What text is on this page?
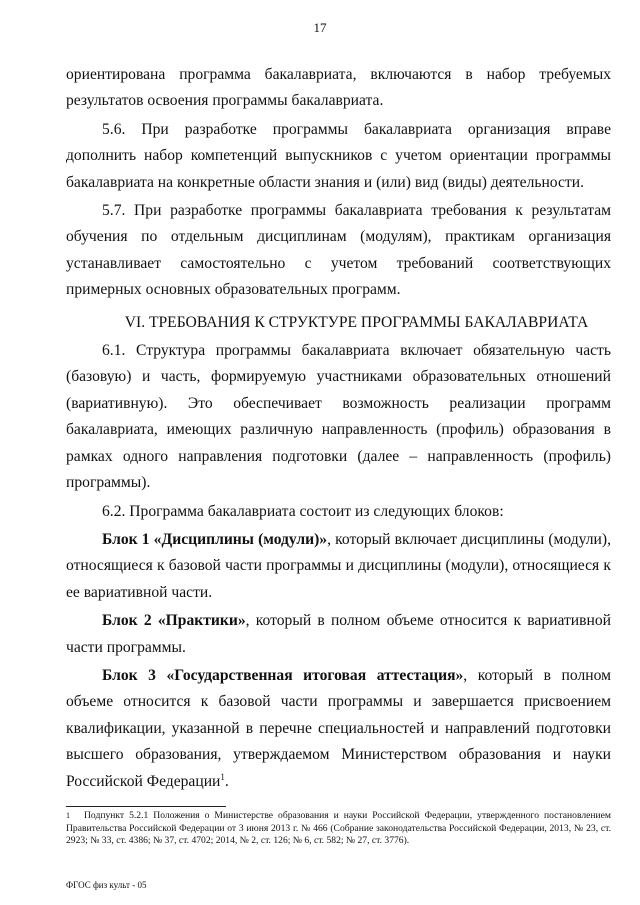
17

ориентирована программа бакалавриата, включаются в набор требуемых результатов освоения программы бакалавриата.

5.6. При разработке программы бакалавриата организация вправе дополнить набор компетенций выпускников с учетом ориентации программы бакалавриата на конкретные области знания и (или) вид (виды) деятельности.

5.7. При разработке программы бакалавриата требования к результатам обучения по отдельным дисциплинам (модулям), практикам организация устанавливает самостоятельно с учетом требований соответствующих примерных основных образовательных программ.

VI. ТРЕБОВАНИЯ К СТРУКТУРЕ ПРОГРАММЫ БАКАЛАВРИАТА

6.1. Структура программы бакалавриата включает обязательную часть (базовую) и часть, формируемую участниками образовательных отношений (вариативную). Это обеспечивает возможность реализации программ бакалавриата, имеющих различную направленность (профиль) образования в рамках одного направления подготовки (далее – направленность (профиль) программы).

6.2. Программа бакалавриата состоит из следующих блоков:

Блок 1 «Дисциплины (модули)», который включает дисциплины (модули), относящиеся к базовой части программы и дисциплины (модули), относящиеся к ее вариативной части.

Блок 2 «Практики», который в полном объеме относится к вариативной части программы.

Блок 3 «Государственная итоговая аттестация», который в полном объеме относится к базовой части программы и завершается присвоением квалификации, указанной в перечне специальностей и направлений подготовки высшего образования, утверждаемом Министерством образования и науки Российской Федерации$^1$.

1 Подпункт 5.2.1 Положения о Министерстве образования и науки Российской Федерации, утвержденного постановлением Правительства Российской Федерации от 3 июня 2013 г. № 466 (Собрание законодательства Российской Федерации, 2013, № 23, ст. 2923; № 33, ст. 4386; № 37, ст. 4702; 2014, № 2, ст. 126; № 6, ст. 582; № 27, ст. 3776).
ФГОС физ культ - 05
